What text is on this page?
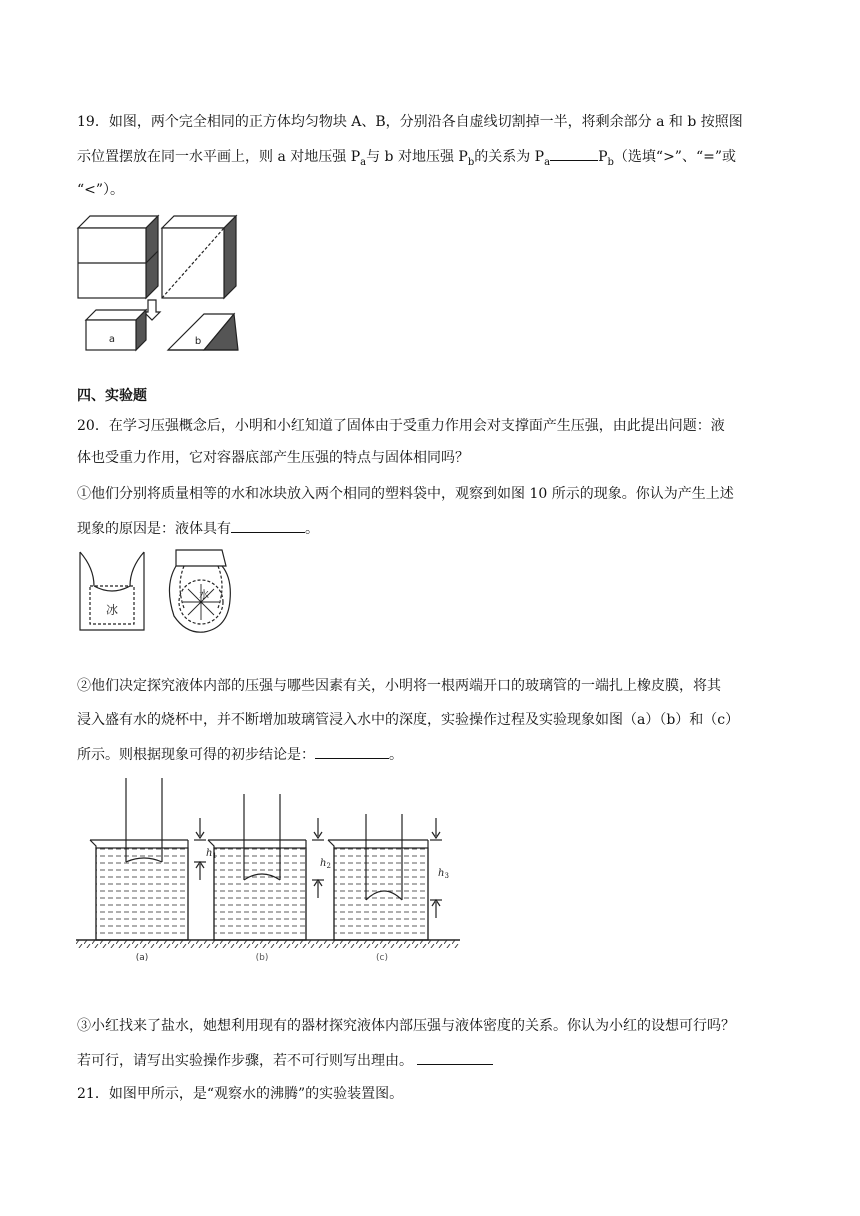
19．如图，两个完全相同的正方体均匀物块 A、B，分别沿各自虚线切割掉一半，将剩余部分 a 和 b 按照图
示位置摆放在同一水平画上，则 a 对地压强 $P_a$与 b 对地压强 $P_b$的关系为 $P_a$	$P_b$（选填“>”、“=”或
“<”）。
a	b
四、实验题
20．在学习压强概念后，小明和小红知道了固体由于受重力作用会对支撑面产生压强，由此提出问题：液
体也受重力作用，它对容器底部产生压强的特点与固体相同吗？
①他们分别将质量相等的水和冰块放入两个相同的塑料袋中，观察到如图 10 所示的现象。你认为产生上述
现象的原因是：液体具有	。
冰
水
②他们决定探究液体内部的压强与哪些因素有关，小明将一根两端开口的玻璃管的一端扎上橡皮膜，将其
浸入盛有水的烧杯中，并不断增加玻璃管浸入水中的深度，实验操作过程及实验现象如图（a）（b）和（c）
所示。则根据现象可得的初步结论是：	。
$h_1$
$h_2$
$h_3$
(a)	(b)	(c)
③小红找来了盐水，她想利用现有的器材探究液体内部压强与液体密度的关系。你认为小红的设想可行吗？
若可行，请写出实验操作步骤，若不可行则写出理由。
21．如图甲所示，是“观察水的沸腾”的实验装置图。
